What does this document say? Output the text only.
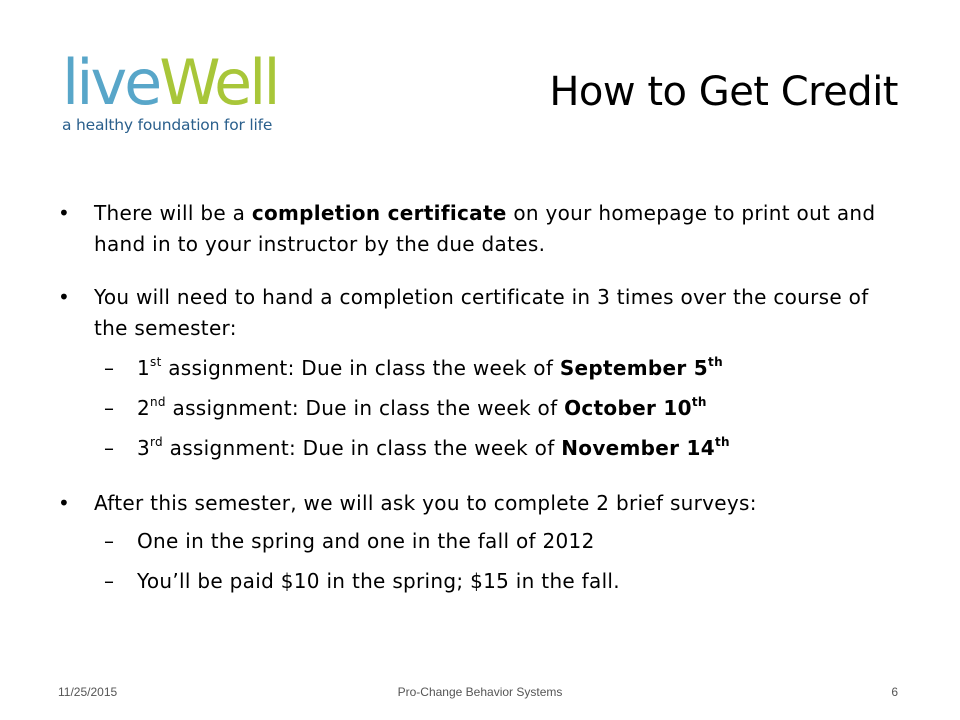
liveWell
a healthy foundation for life
How to Get Credit
• There will be a completion certificate on your homepage to print out and hand in to your instructor by the due dates.
• You will need to hand a completion certificate in 3 times over the course of the semester:
– 1st assignment: Due in class the week of September 5th
– 2nd assignment: Due in class the week of October 10th
– 3rd assignment: Due in class the week of November 14th
• After this semester, we will ask you to complete 2 brief surveys:
– One in the spring and one in the fall of 2012
– You’ll be paid $10 in the spring; $15 in the fall.
11/25/2015	Pro-Change Behavior Systems	6
